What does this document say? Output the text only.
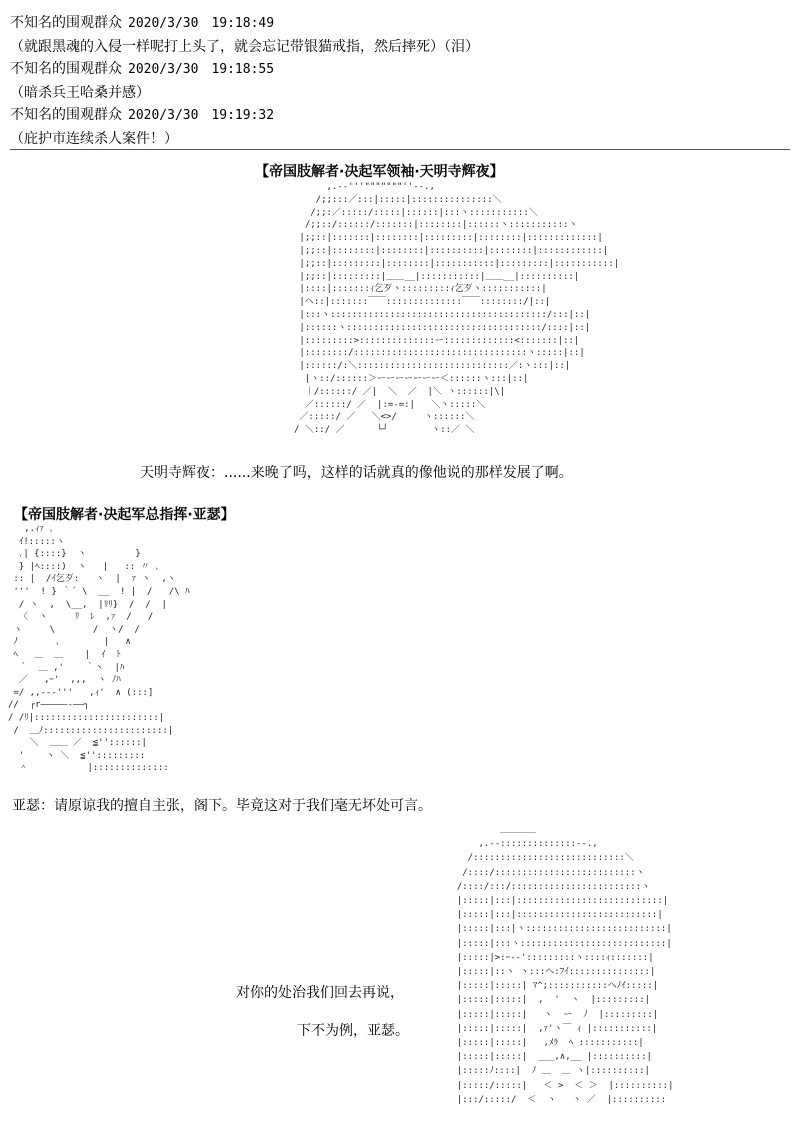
不知名的围观群众 2020/3/30　19:18:49
（就跟黑魂的入侵一样呢打上头了，就会忘记带银猫戒指，然后摔死）（泪）
不知名的围观群众 2020/3/30　19:18:55
（暗杀兵王哈桑并感）
不知名的围观群众 2020/3/30　19:19:32
（庇护市连续杀人案件！）
【帝国肢解者·决起军领袖·天明寺辉夜】
,.-‐'''"""""""''‐-.,
/;;:::／:::|:::::|:::::::::::::::＼
/;;:／:::::/:::::|::::::|:::ヽ:::::::::::＼
/;;::/::::::/:::::::|::::::::|::::::ヽ:::::::::::ヽ
|;;::|:::::::|::::::::|:::::::::|::::::::|:::::::::::::|
|;;::|::::::::|::::::::|::::::::::|::::::::|::::::::::::|
|;;::|:::::::::|::::::::|:::::::::::|:::::::::|:::::::::::|
|;;::|:::::::::|＿＿__|:::::::::::|＿＿__|::::::::::|
|::::|:::::::ｨ乞歹ヽ:::::::::ｨ乞歹ヽ:::::::::::|
|ヘ::|:::::::￣￣::::::::::::::￣￣::::::::/|::|
|:::ヽ::::::::::::::::::::::::::::::::::::::::/:::|::|
|::::::ヽ::::::::::::::::::::::::::::::::::::/::::|::|
|:::::::::>::::::::::::::ー:::::::::::::<:::::::|::|
|::::::::/::::::::::::::::::::::::::::::::ヽ:::::|::|
|::::::/:＼::::::::::::::::::::::::::::／:ヽ:::|::|
|ヽ::/::::::＞ーーーーーーー＜::::::ヽ:::|::|
｜/::::::/ ／|  ＼  ／  |＼ ヽ::::::|\|
／::::::/ ／  |:=-=:|   ＼ヽ:::::＼
／:::::/ ／   ＼<>/     ヽ::::::＼
/ ＼::/ ／      └┘        ヽ::／ ＼
天明寺辉夜：......来晚了吗，这样的话就真的像他说的那样发展了啊。
【帝国肢解者·决起军总指挥·亚瑟】
,.ｨｧ ､
ｲ!:::::ヽ
､| {::::}  ヽ         }
} |ﾍ::::)  ヽ   |   :: 〃 ､
:: |  /ｲ乞歹:   ヽ  |  ｧ ヽ  ,ヽ
'''  ! } ｀´ \  __  ! |  /   /\ ﾊ
/ ヽ  ,  \__,  |ﾘﾘ}  /  /  |
〈  ヽ     ﾘ  ﾚ  ,ｧ  /   /
ヽ     \       /  ヽ/  /
ﾉ       ､        |   ∧
ﾍ   ＿  ＿    |  ｲ  ﾄ
｀  ＿ ,'    ｀ヽ  |ﾊ
／   ,ｰ'  ,,,  ヽ ﾉﾊ
=/ ,,---'''   ,ｨ'  ∧ (:::]
//  ┌r―――――‐――┐
/ /ﾘ|:::::::::::::::::::::::|
/  ＿ﾉ:::::::::::::::::::::::|
＼  ＿＿ ／  ≦''::::::|
'    ヽ ＼  ≦'':::::::::
＾           |::::::::::::::
亚瑟：请原谅我的擅自主张，阁下。毕竟这对于我们毫无坏处可言。
＿＿＿＿
,.-‐::::::::::::::‐-.,
/::::::::::::::::::::::::::::＼
/::::/::::::::::::::::::::::::::ヽ
/::::/:::/::::::::::::::::::::::::ヽ
|:::::|:::|:::::::::::::::::::::::::::|
|:::::|:::|::::::::::::::::::::::::::|
|:::::|:::|ヽ::::::::::::::::::::::::::|
|:::::|:::ヽ:::::::::::::::::::::::::::|
|:::::|>:ｰ--':::::::::ヽ::::ｨ:::::::|
|:::::|::ヽ ヽ:::ヘ:ﾌｲ:::::::::::::::|
|:::::|:::::| ﾏ^;:::::::::::ヘﾉｲ:::::|
|:::::|:::::|  ,  '  ヽ  |:::::::::|
|:::::|:::::|   ヽ  ー  ﾉ  |:::::::::|
|:::::|:::::|  ,ｧ'ヽ￣ ｨ |:::::::::::|
|:::::|:::::|   ,ﾒﾗ  ﾍ :::::::::::|
|:::::|:::::|  ___,∧,__ |::::::::::|
|:::::ﾉ::::|  ﾉ ＿  ＿ ヽ|::::::::::|
|:::::/:::::|   ＜ >  ＜ ＞  |::::::::::|
|:::/:::::/  ＜  ヽ   ヽ ／  |::::::::::
对你的处治我们回去再说，
下不为例，亚瑟。
